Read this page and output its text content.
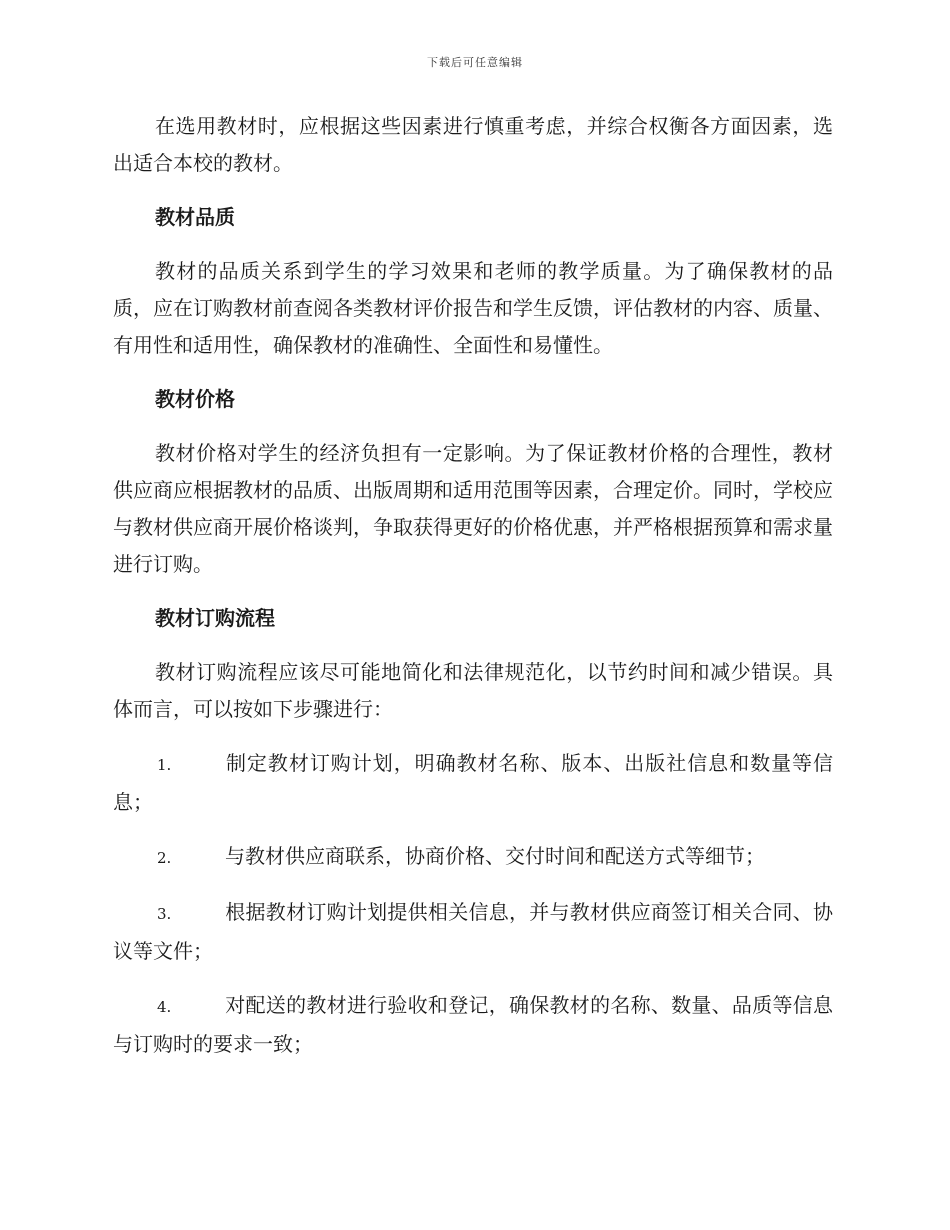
下载后可任意编辑

在选用教材时，应根据这些因素进行慎重考虑，并综合权衡各方面因素，选出适合本校的教材。

教材品质

教材的品质关系到学生的学习效果和老师的教学质量。为了确保教材的品质，应在订购教材前查阅各类教材评价报告和学生反馈，评估教材的内容、质量、有用性和适用性，确保教材的准确性、全面性和易懂性。

教材价格

教材价格对学生的经济负担有一定影响。为了保证教材价格的合理性，教材供应商应根据教材的品质、出版周期和适用范围等因素，合理定价。同时，学校应与教材供应商开展价格谈判，争取获得更好的价格优惠，并严格根据预算和需求量进行订购。

教材订购流程

教材订购流程应该尽可能地简化和法律规范化，以节约时间和减少错误。具体而言，可以按如下步骤进行：

1.	制定教材订购计划，明确教材名称、版本、出版社信息和数量等信息；

2.	与教材供应商联系，协商价格、交付时间和配送方式等细节；

3.	根据教材订购计划提供相关信息，并与教材供应商签订相关合同、协议等文件；

4.	对配送的教材进行验收和登记，确保教材的名称、数量、品质等信息与订购时的要求一致；
